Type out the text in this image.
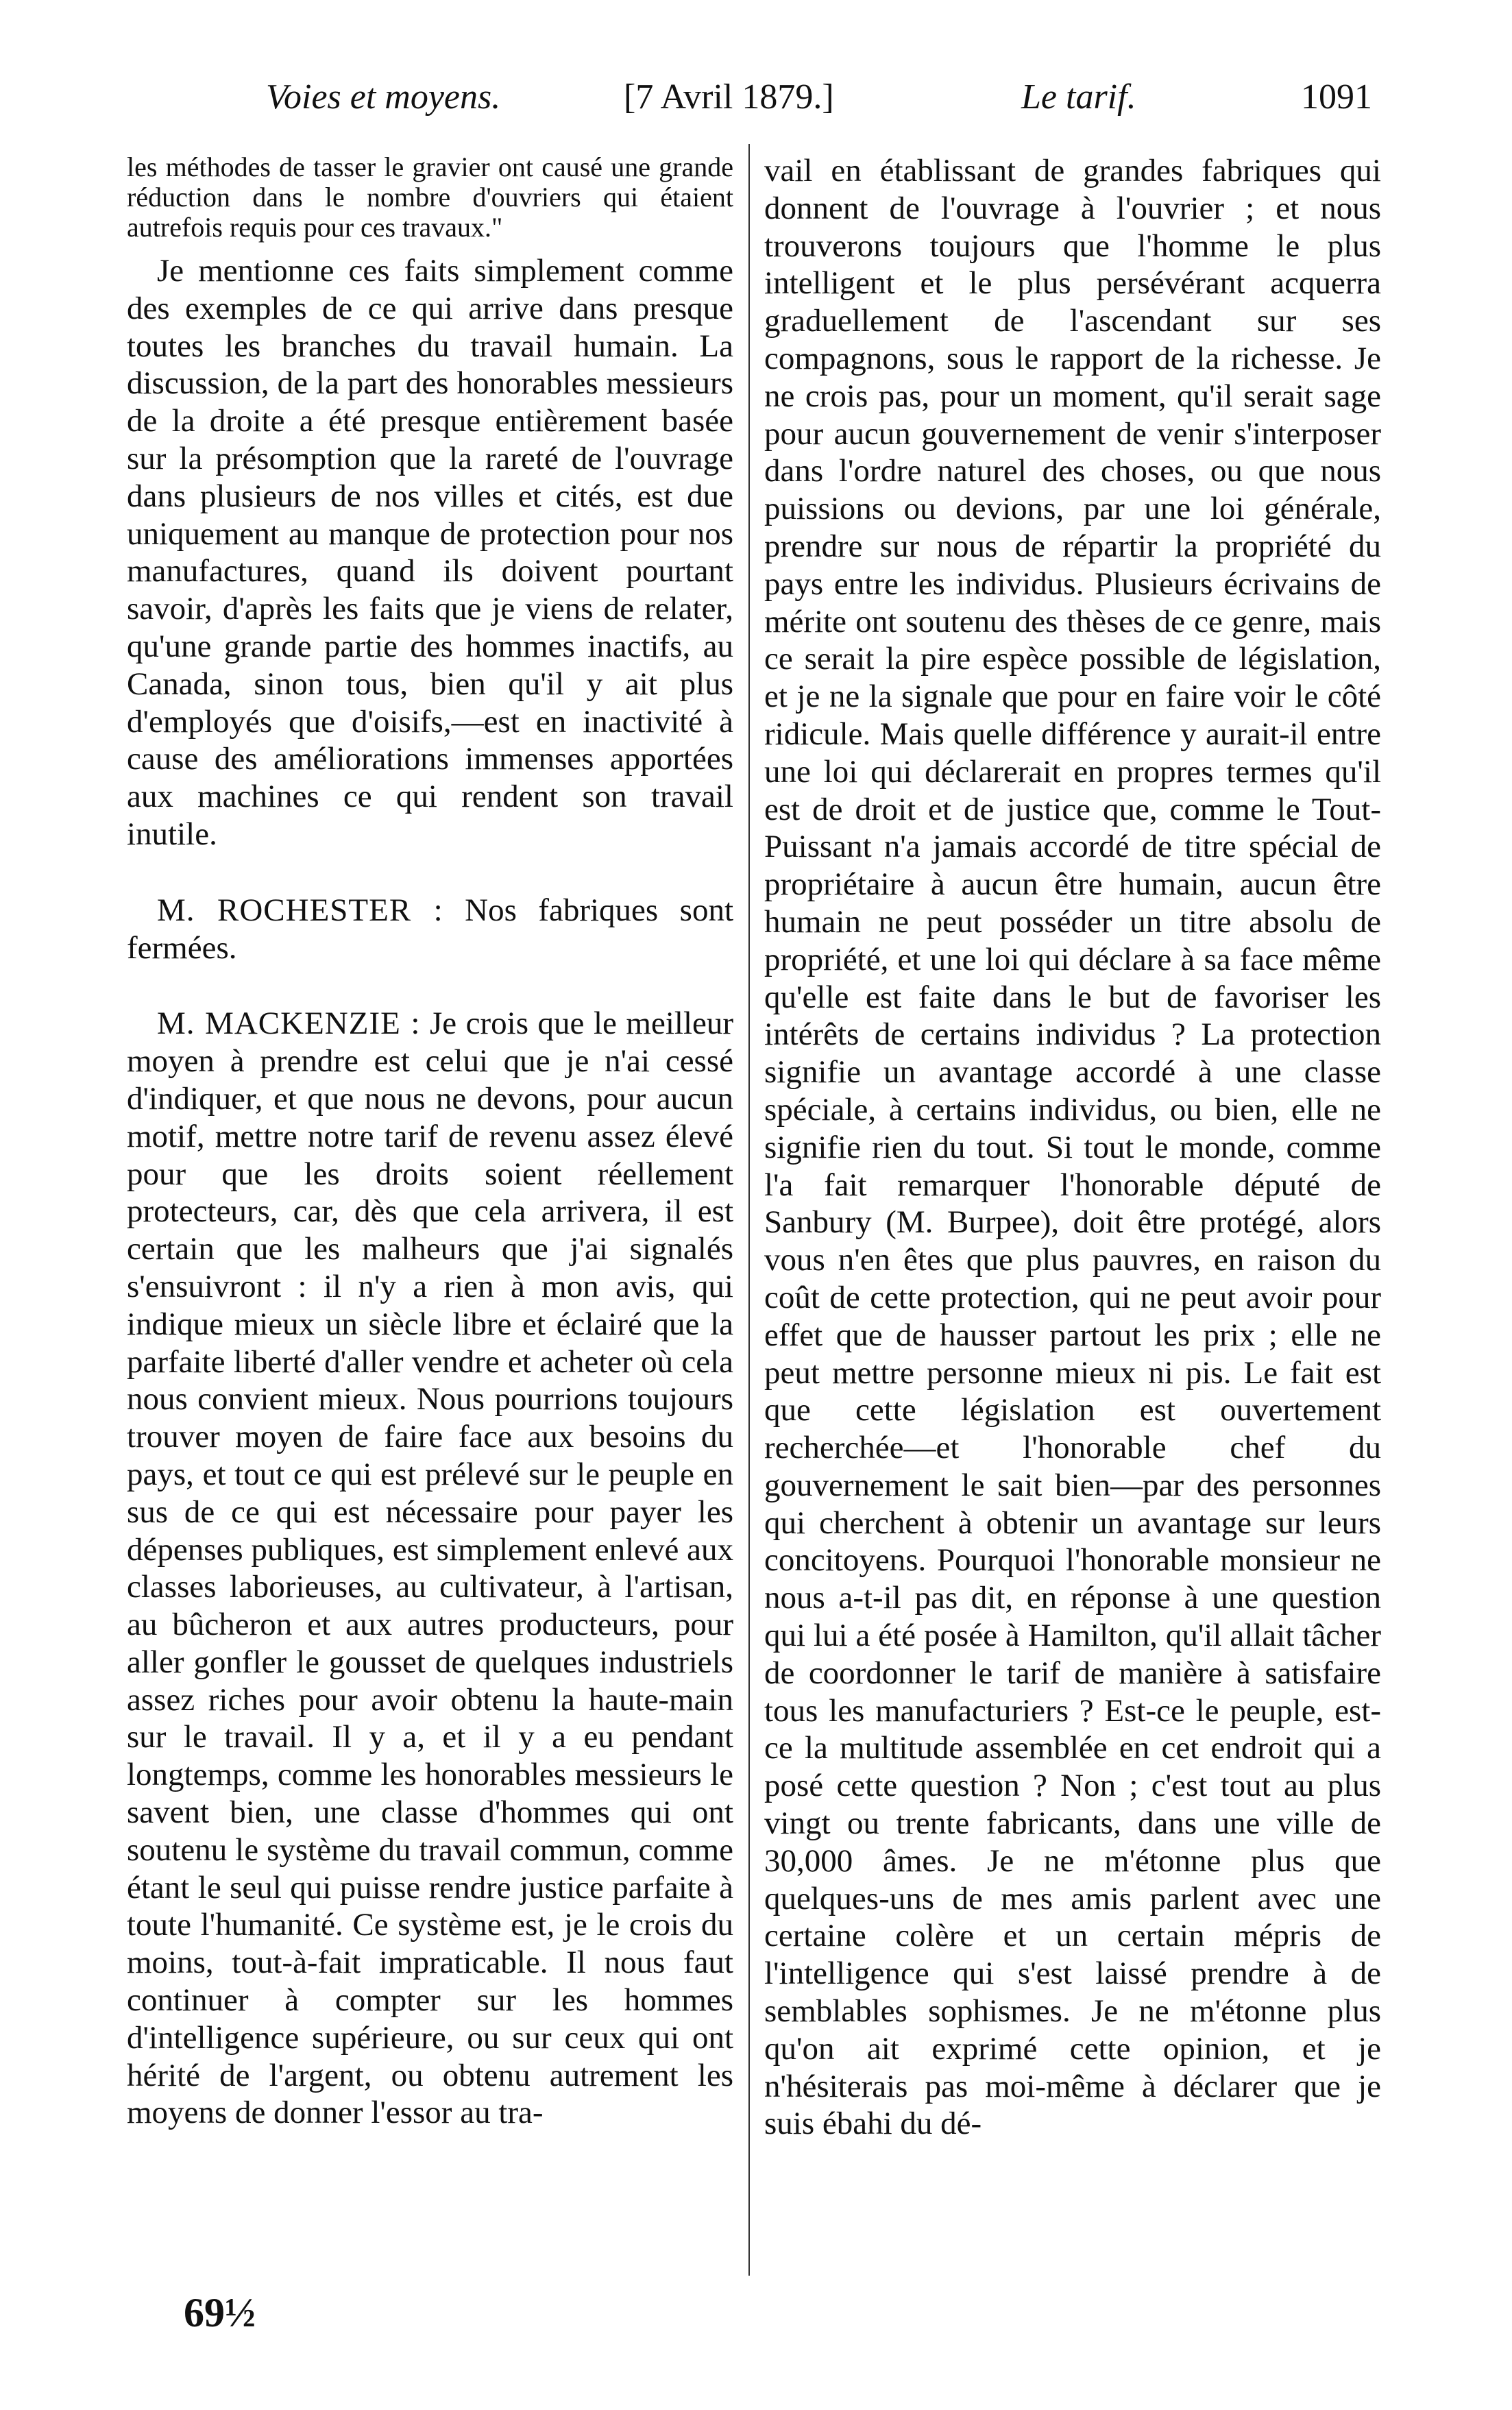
Voies et moyens.	[7 Avril 1879.]	Le tarif.	1091

les méthodes de tasser le gravier ont causé une grande réduction dans le nombre d'ouvriers qui étaient autrefois requis pour ces travaux."

Je mentionne ces faits simplement comme des exemples de ce qui arrive dans presque toutes les branches du travail humain. La discussion, de la part des honorables messieurs de la droite a été presque entièrement basée sur la présomption que la rareté de l'ouvrage dans plusieurs de nos villes et cités, est due uniquement au manque de protection pour nos manufactures, quand ils doivent pourtant savoir, d'après les faits que je viens de relater, qu'une grande partie des hommes inactifs, au Canada, sinon tous, bien qu'il y ait plus d'employés que d'oisifs,—est en inactivité à cause des améliorations immenses apportées aux machines ce qui rendent son travail inutile.

M. ROCHESTER : Nos fabriques sont fermées.

M. MACKENZIE : Je crois que le meilleur moyen à prendre est celui que je n'ai cessé d'indiquer, et que nous ne devons, pour aucun motif, mettre notre tarif de revenu assez élevé pour que les droits soient réellement protecteurs, car, dès que cela arrivera, il est certain que les malheurs que j'ai signalés s'ensuivront : il n'y a rien à mon avis, qui indique mieux un siècle libre et éclairé que la parfaite liberté d'aller vendre et acheter où cela nous convient mieux. Nous pourrions toujours trouver moyen de faire face aux besoins du pays, et tout ce qui est prélevé sur le peuple en sus de ce qui est nécessaire pour payer les dépenses publiques, est simplement enlevé aux classes laborieuses, au cultivateur, à l'artisan, au bûcheron et aux autres producteurs, pour aller gonfler le gousset de quelques industriels assez riches pour avoir obtenu la haute-main sur le travail. Il y a, et il y a eu pendant longtemps, comme les honorables messieurs le savent bien, une classe d'hommes qui ont soutenu le système du travail commun, comme étant le seul qui puisse rendre justice parfaite à toute l'humanité. Ce système est, je le crois du moins, tout-à-fait impraticable. Il nous faut continuer à compter sur les hommes d'intelligence supérieure, ou sur ceux qui ont hérité de l'argent, ou obtenu autrement les moyens de donner l'essor au tra-

vail en établissant de grandes fabriques qui donnent de l'ouvrage à l'ouvrier ; et nous trouverons toujours que l'homme le plus intelligent et le plus persévérant acquerra graduellement de l'ascendant sur ses compagnons, sous le rapport de la richesse. Je ne crois pas, pour un moment, qu'il serait sage pour aucun gouvernement de venir s'interposer dans l'ordre naturel des choses, ou que nous puissions ou devions, par une loi générale, prendre sur nous de répartir la propriété du pays entre les individus. Plusieurs écrivains de mérite ont soutenu des thèses de ce genre, mais ce serait la pire espèce possible de législation, et je ne la signale que pour en faire voir le côté ridicule. Mais quelle différence y aurait-il entre une loi qui déclarerait en propres termes qu'il est de droit et de justice que, comme le Tout-Puissant n'a jamais accordé de titre spécial de propriétaire à aucun être humain, aucun être humain ne peut posséder un titre absolu de propriété, et une loi qui déclare à sa face même qu'elle est faite dans le but de favoriser les intérêts de certains individus ? La protection signifie un avantage accordé à une classe spéciale, à certains individus, ou bien, elle ne signifie rien du tout. Si tout le monde, comme l'a fait remarquer l'honorable député de Sanbury (M. Burpee), doit être protégé, alors vous n'en êtes que plus pauvres, en raison du coût de cette protection, qui ne peut avoir pour effet que de hausser partout les prix ; elle ne peut mettre personne mieux ni pis. Le fait est que cette législation est ouvertement recherchée—et l'honorable chef du gouvernement le sait bien—par des personnes qui cherchent à obtenir un avantage sur leurs concitoyens. Pourquoi l'honorable monsieur ne nous a-t-il pas dit, en réponse à une question qui lui a été posée à Hamilton, qu'il allait tâcher de coordonner le tarif de manière à satisfaire tous les manufacturiers ? Est-ce le peuple, est-ce la multitude assemblée en cet endroit qui a posé cette question ? Non ; c'est tout au plus vingt ou trente fabricants, dans une ville de 30,000 âmes. Je ne m'étonne plus que quelques-uns de mes amis parlent avec une certaine colère et un certain mépris de l'intelligence qui s'est laissé prendre à de semblables sophismes. Je ne m'étonne plus qu'on ait exprimé cette opinion, et je n'hésiterais pas moi-même à déclarer que je suis ébahi du dé-

69½
